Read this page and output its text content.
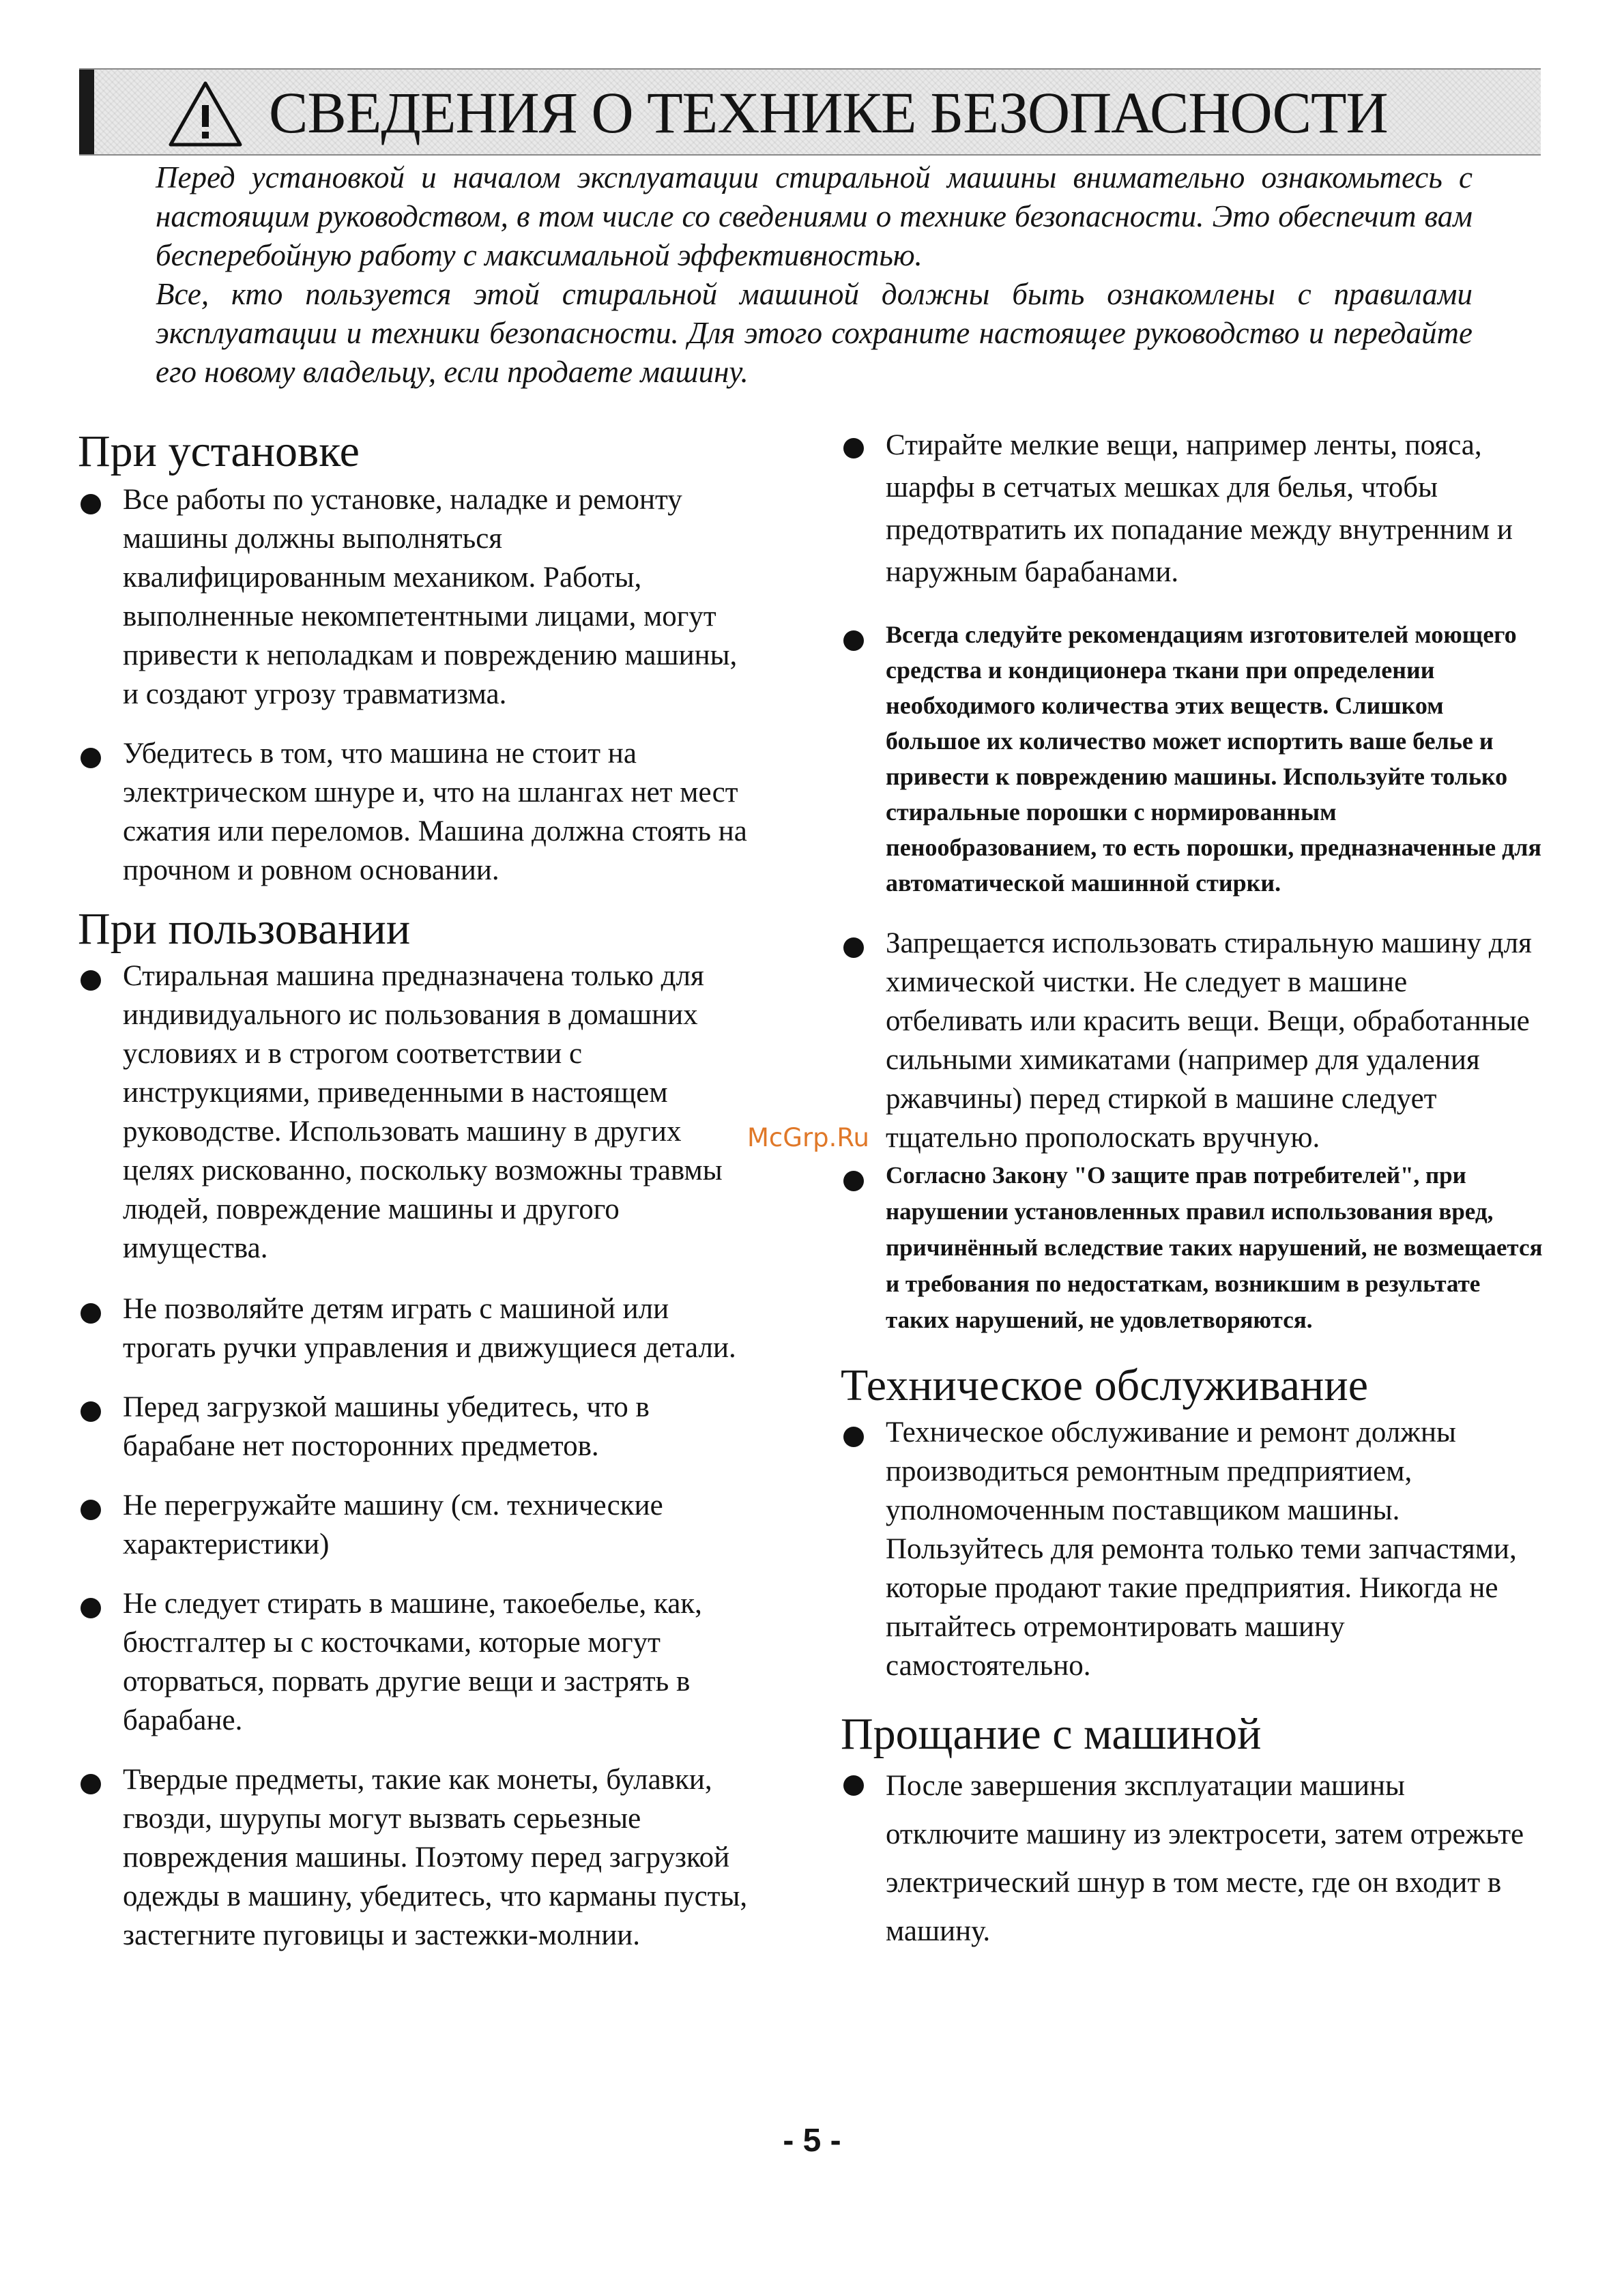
СВЕДЕНИЯ О ТЕХНИКЕ БЕЗОПАСНОСТИ

Перед установкой и началом эксплуатации стиральной машины внимательно ознакомьтесь с настоящим руководством, в том числе со сведениями о технике безопасности. Это обеспечит вам бесперебойную работу с максимальной эффективностью.

Все, кто пользуется этой стиральной машиной должны быть ознакомлены с правилами эксплуатации и техники безопасности. Для этого сохраните настоящее руководство и передайте его новому владельцу, если продаете машину.

При установке
Все работы по установке, наладке и ремонту машины должны выполняться квалифицированным механиком. Работы, выполненные некомпетентными лицами, могут привести к неполадкам и повреждению машины, и создают угрозу травматизма.
Убедитесь в том, что машина не стоит на электрическом шнуре и, что на шлангах нет мест сжатия или переломов. Машина должна стоять на прочном и ровном основании.
При пользовании
Стиральная машина предназначена только для индивидуального ис пользования в домашних условиях и в строгом соответствии с инструкциями, приведенными в настоящем руководстве. Использовать машину в других целях рискованно, поскольку возможны травмы людей, повреждение машины и другого имущества.
Не позволяйте детям играть с машиной или трогать ручки управления и движущиеся детали.
Перед загрузкой машины убедитесь, что в барабане нет посторонних предметов.
Не перегружайте машину (см. технические характеристики)
Не следует стирать в машине, такоебелье, как, бюстгалтер ы с косточками, которые могут оторваться, порвать другие вещи и застрять в барабане.
Твердые предметы, такие как монеты, булавки, гвозди, шурупы могут вызвать серьезные повреждения машины. Поэтому перед загрузкой одежды в машину, убедитесь, что карманы пусты, застегните пуговицы и застежки-молнии.
Стирайте мелкие вещи, например ленты, пояса, шарфы в сетчатых мешках для белья, чтобы предотвратить их попадание между внутренним и наружным барабанами.
Всегда следуйте рекомендациям изготовителей моющего средства и кондиционера ткани при определении необходимого количества этих веществ. Слишком большое их количество может испортить ваше белье и привести к повреждению машины. Используйте только стиральные порошки с нормированным пенообразованием, то есть порошки, предназначенные для автоматической машинной стирки.
Запрещается использовать стиральную машину для химической чистки. Не следует в машине отбеливать или красить вещи. Вещи, обработанные сильными химикатами (например для удаления ржавчины) перед стиркой в машине следует тщательно прополоскать вручную.
Согласно Закону "О защите прав потребителей", при нарушении установленных правил использования вред, причинённый вследствие таких нарушений, не возмещается и требования по недостаткам, возникшим в результате таких нарушений, не удовлетворяются.
Техническое обслуживание
Техническое обслуживание и ремонт должны производиться ремонтным предприятием, уполномоченным поставщиком машины. Пользуйтесь для ремонта только теми запчастями, которые продают такие предприятия. Никогда не пытайтесь отремонтировать машину самостоятельно.
Прощание с машиной
После завершения зксплуатации машины отключите машину из электросети, затем отрежьте электрический шнур в том месте, где он входит в машину.
McGrp.Ru
- 5 -
